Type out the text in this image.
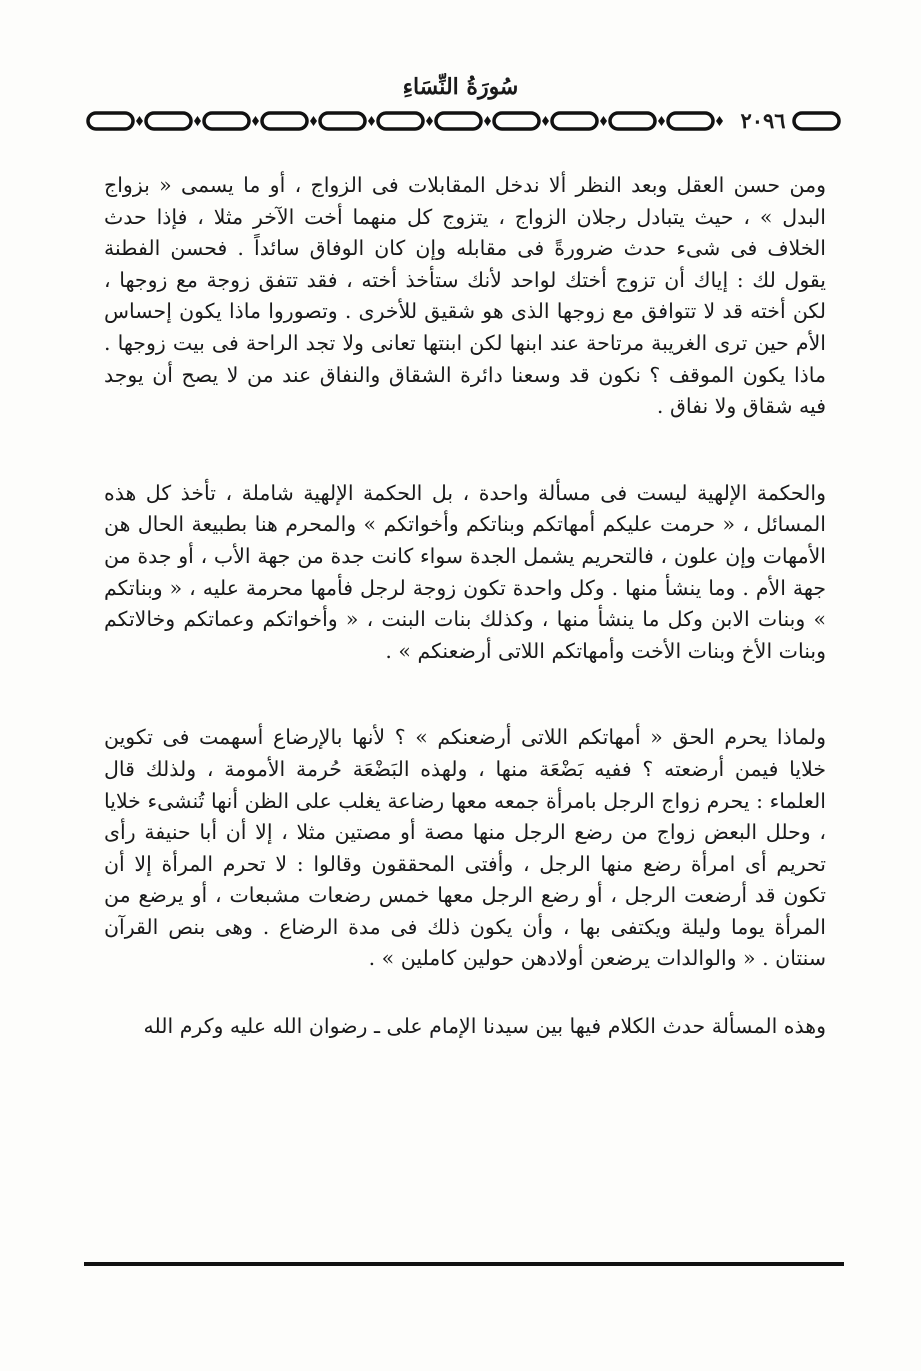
سُورَةُ النِّسَاءِ
٢٠٩٦

ومن حسن العقل وبعد النظر ألا ندخل المقابلات فى الزواج ، أو ما يسمى « بزواج البدل » ، حيث يتبادل رجلان الزواج ، يتزوج كل منهما أخت الآخر مثلا ، فإذا حدث الخلاف فى شىء حدث ضرورةً فى مقابله وإن كان الوفاق سائداً . فحسن الفطنة يقول لك : إياك أن تزوج أختك لواحد لأنك ستأخذ أخته ، فقد تتفق زوجة مع زوجها ، لكن أخته قد لا تتوافق مع زوجها الذى هو شقيق للأخرى . وتصوروا ماذا يكون إحساس الأم حين ترى الغريبة مرتاحة عند ابنها لكن ابنتها تعانى ولا تجد الراحة فى بيت زوجها . ماذا يكون الموقف ؟ نكون قد وسعنا دائرة الشقاق والنفاق عند من لا يصح أن يوجد فيه شقاق ولا نفاق .

والحكمة الإلهية ليست فى مسألة واحدة ، بل الحكمة الإلهية شاملة ، تأخذ كل هذه المسائل ، « حرمت عليكم أمهاتكم وبناتكم وأخواتكم » والمحرم هنا بطبيعة الحال هن الأمهات وإن علون ، فالتحريم يشمل الجدة سواء كانت جدة من جهة الأب ، أو جدة من جهة الأم . وما ينشأ منها . وكل واحدة تكون زوجة لرجل فأمها محرمة عليه ، « وبناتكم » وبنات الابن وكل ما ينشأ منها ، وكذلك بنات البنت ، « وأخواتكم وعماتكم وخالاتكم وبنات الأخ وبنات الأخت وأمهاتكم اللاتى أرضعنكم » .

ولماذا يحرم الحق « أمهاتكم اللاتى أرضعنكم » ؟ لأنها بالإرضاع أسهمت فى تكوين خلايا فيمن أرضعته ؟ ففيه بَضْعَة منها ، ولهذه البَضْعَة حُرمة الأمومة ، ولذلك قال العلماء : يحرم زواج الرجل بامرأة جمعه معها رضاعة يغلب على الظن أنها تُنشىء خلايا ، وحلل البعض زواج من رضع الرجل منها مصة أو مصتين مثلا ، إلا أن أبا حنيفة رأى تحريم أى امرأة رضع منها الرجل ، وأفتى المحققون وقالوا : لا تحرم المرأة إلا أن تكون قد أرضعت الرجل ، أو رضع الرجل معها خمس رضعات مشبعات ، أو يرضع من المرأة يوما وليلة ويكتفى بها ، وأن يكون ذلك فى مدة الرضاع . وهى بنص القرآن سنتان . « والوالدات يرضعن أولادهن حولين كاملين » .

وهذه المسألة حدث الكلام فيها بين سيدنا الإمام على ـ رضوان الله عليه وكرم الله
